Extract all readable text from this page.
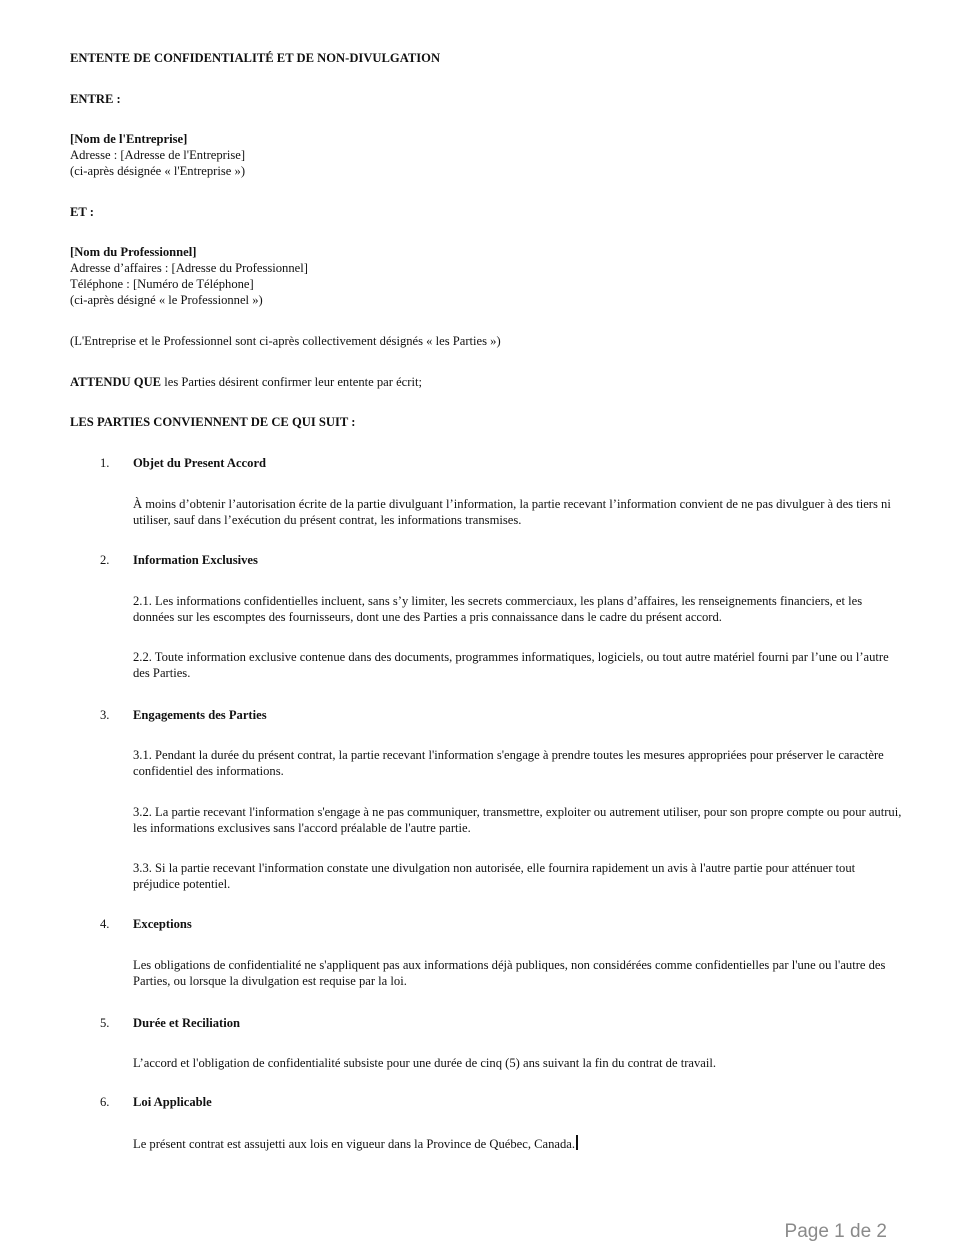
ENTENTE DE CONFIDENTIALITÉ ET DE NON-DIVULGATION
ENTRE :
[Nom de l'Entreprise]
Adresse : [Adresse de l'Entreprise]
(ci-après désignée « l'Entreprise »)
ET :
[Nom du Professionnel]
Adresse d’affaires : [Adresse du Professionnel]
Téléphone : [Numéro de Téléphone]
(ci-après désigné « le Professionnel »)
(L'Entreprise et le Professionnel sont ci-après collectivement désignés « les Parties »)
ATTENDU QUE les Parties désirent confirmer leur entente par écrit;
LES PARTIES CONVIENNENT DE CE QUI SUIT :
1. Objet du Present Accord

À moins d’obtenir l’autorisation écrite de la partie divulguant l’information, la partie recevant l’information convient de ne pas divulguer à des tiers ni utiliser, sauf dans l’exécution du présent contrat, les informations transmises.

2. Information Exclusives

2.1. Les informations confidentielles incluent, sans s’y limiter, les secrets commerciaux, les plans d’affaires, les renseignements financiers, et les données sur les escomptes des fournisseurs, dont une des Parties a pris connaissance dans le cadre du présent accord.

2.2. Toute information exclusive contenue dans des documents, programmes informatiques, logiciels, ou tout autre matériel fourni par l’une ou l’autre des Parties.

3. Engagements des Parties

3.1. Pendant la durée du présent contrat, la partie recevant l'information s'engage à prendre toutes les mesures appropriées pour préserver le caractère confidentiel des informations.

3.2. La partie recevant l'information s'engage à ne pas communiquer, transmettre, exploiter ou autrement utiliser, pour son propre compte ou pour autrui, les informations exclusives sans l'accord préalable de l'autre partie.

3.3. Si la partie recevant l'information constate une divulgation non autorisée, elle fournira rapidement un avis à l'autre partie pour atténuer tout préjudice potentiel.

4. Exceptions

Les obligations de confidentialité ne s'appliquent pas aux informations déjà publiques, non considérées comme confidentielles par l'une ou l'autre des Parties, ou lorsque la divulgation est requise par la loi.

5. Durée et Reciliation

L’accord et l'obligation de confidentialité subsiste pour une durée de cinq (5) ans suivant la fin du contrat de travail.

6. Loi Applicable

Le présent contrat est assujetti aux lois en vigueur dans la Province de Québec, Canada.

Page 1 de 2
